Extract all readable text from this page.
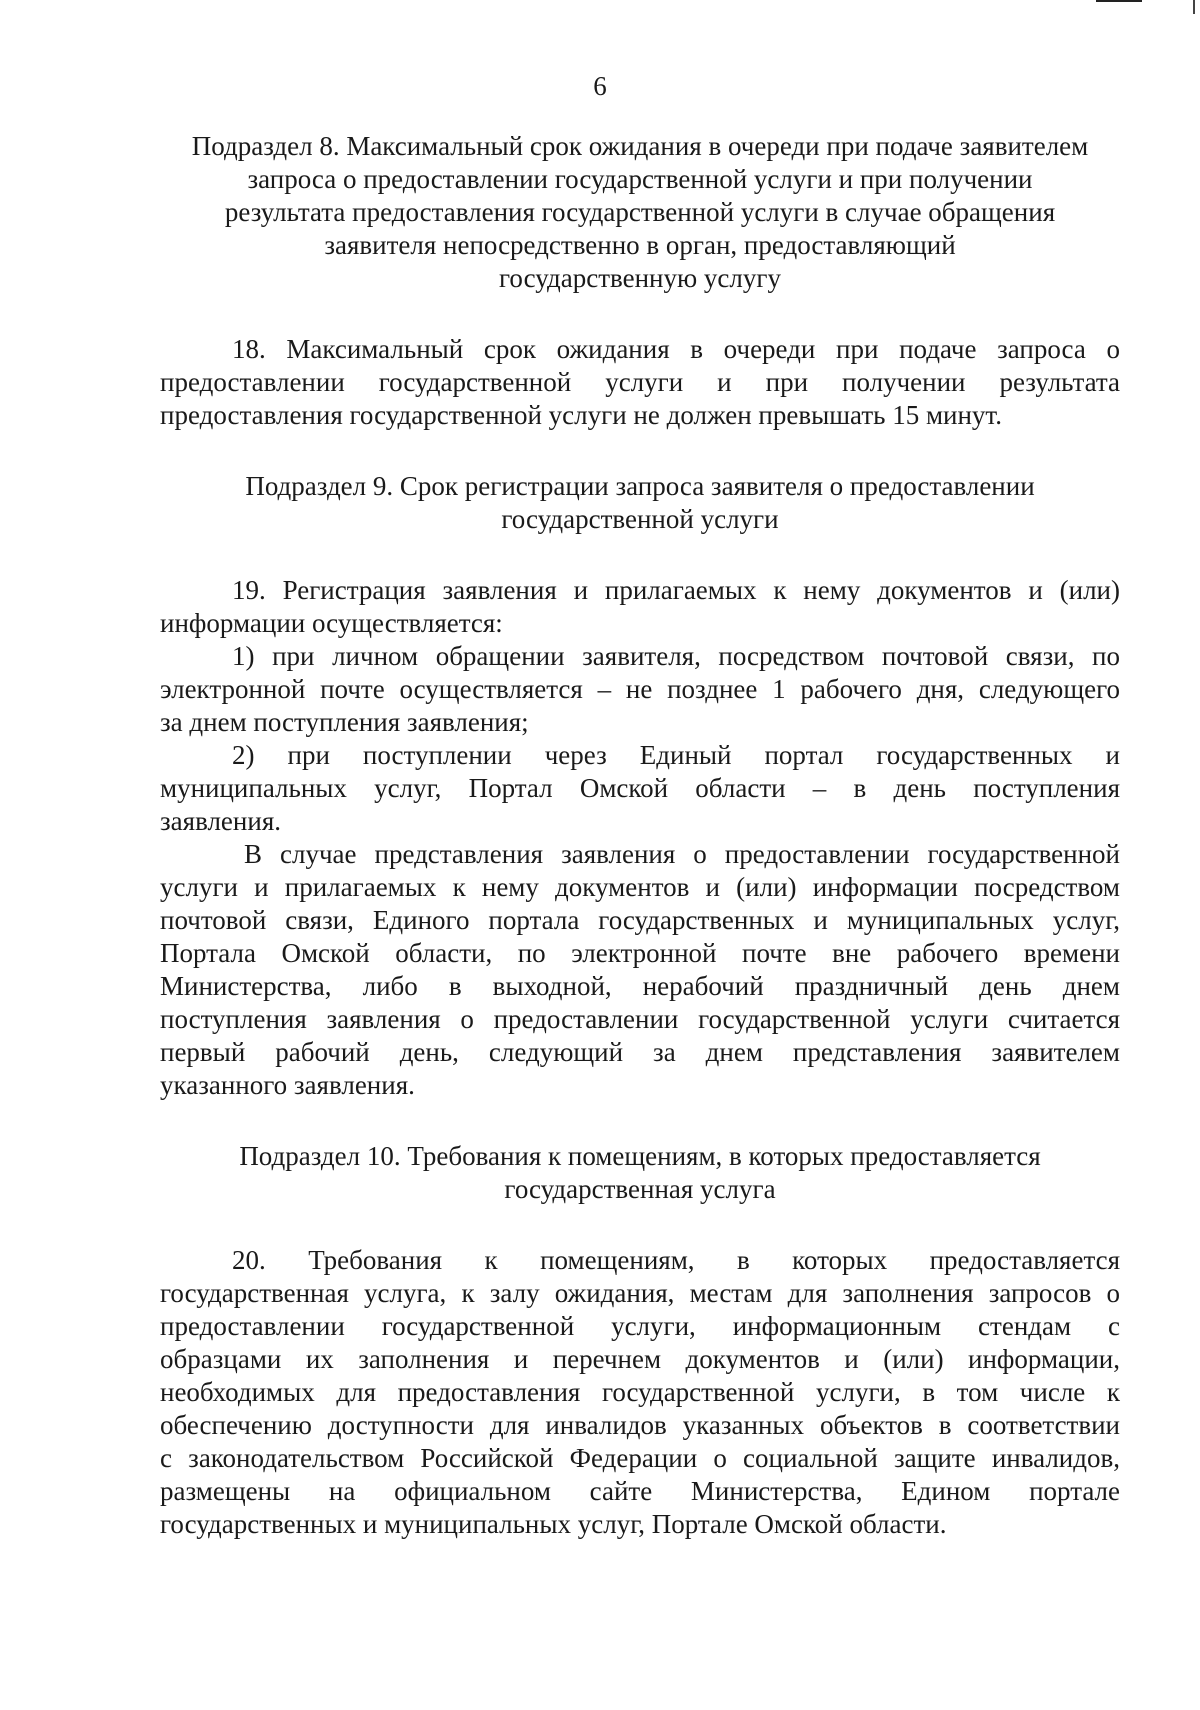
6
Подраздел 8. Максимальный срок ожидания в очереди при подаче заявителем
запроса о предоставлении государственной услуги и при получении
результата предоставления государственной услуги в случае обращения
заявителя непосредственно в орган, предоставляющий
государственную услугу
18. Максимальный срок ожидания в очереди при подаче запроса о
предоставлении государственной услуги и при получении результата
предоставления государственной услуги не должен превышать 15 минут.
Подраздел 9. Срок регистрации запроса заявителя о предоставлении
государственной услуги
19. Регистрация заявления и прилагаемых к нему документов и (или)
информации осуществляется:
1) при личном обращении заявителя, посредством почтовой связи, по
электронной почте осуществляется – не позднее 1 рабочего дня, следующего
за днем поступления заявления;
2) при поступлении через Единый портал государственных и
муниципальных услуг, Портал Омской области – в день поступления
заявления.
В случае представления заявления о предоставлении государственной
услуги и прилагаемых к нему документов и (или) информации посредством
почтовой связи, Единого портала государственных и муниципальных услуг,
Портала Омской области, по электронной почте вне рабочего времени
Министерства, либо в выходной, нерабочий праздничный день днем
поступления заявления о предоставлении государственной услуги считается
первый рабочий день, следующий за днем представления заявителем
указанного заявления.
Подраздел 10. Требования к помещениям, в которых предоставляется
государственная услуга
20. Требования к помещениям, в которых предоставляется
государственная услуга, к залу ожидания, местам для заполнения запросов о
предоставлении государственной услуги, информационным стендам с
образцами их заполнения и перечнем документов и (или) информации,
необходимых для предоставления государственной услуги, в том числе к
обеспечению доступности для инвалидов указанных объектов в соответствии
с законодательством Российской Федерации о социальной защите инвалидов,
размещены на официальном сайте Министерства, Едином портале
государственных и муниципальных услуг, Портале Омской области.
